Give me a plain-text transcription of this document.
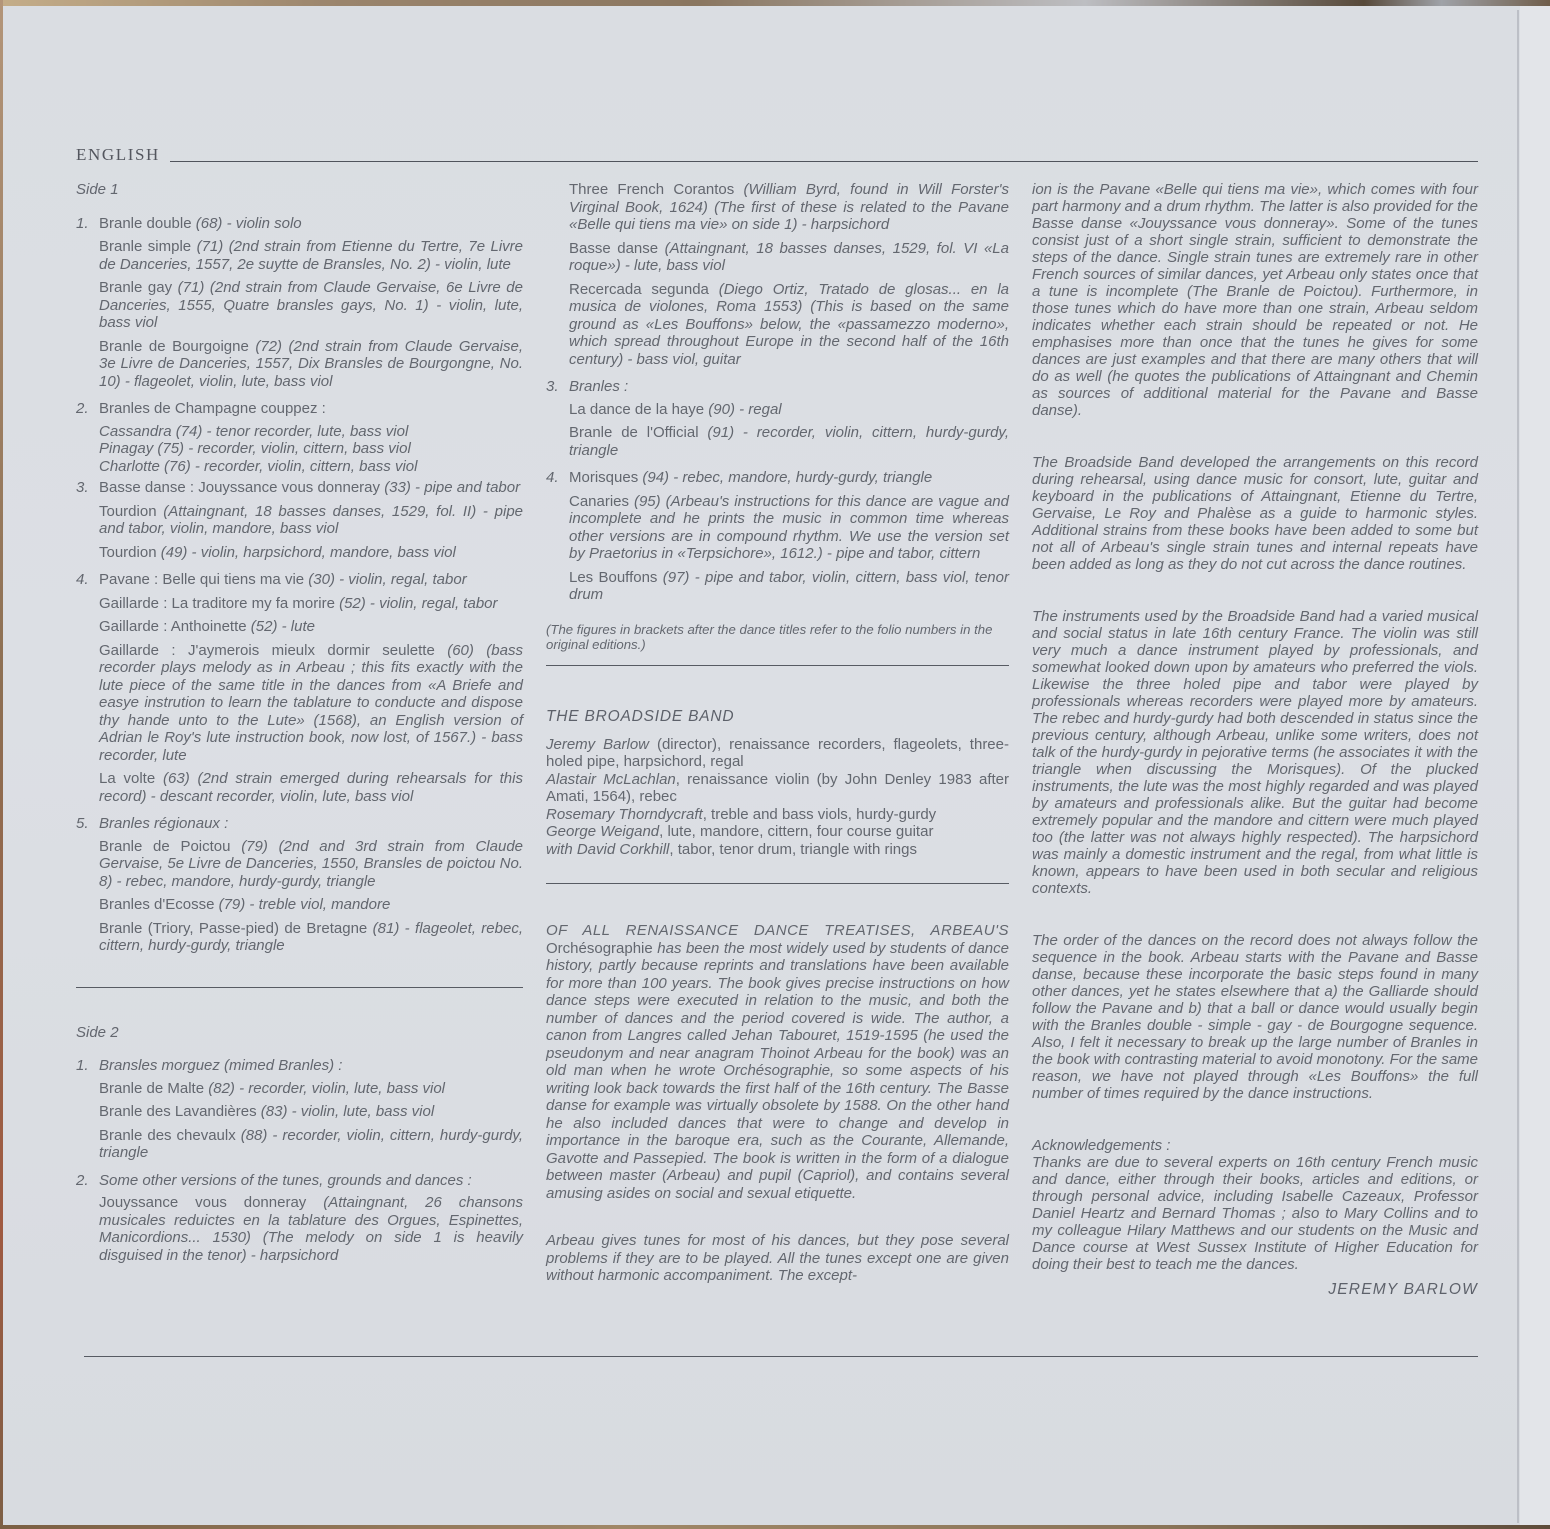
ENGLISH

Side 1

1. Branle double (68) - violin solo

Branle simple (71) (2nd strain from Etienne du Tertre, 7e Livre de Danceries, 1557, 2e suytte de Bransles, No. 2) - violin, lute

Branle gay (71) (2nd strain from Claude Gervaise, 6e Livre de Danceries, 1555, Quatre bransles gays, No. 1) - violin, lute, bass viol

Branle de Bourgoigne (72) (2nd strain from Claude Gervaise, 3e Livre de Danceries, 1557, Dix Bransles de Bourgongne, No. 10) - flageolet, violin, lute, bass viol

2. Branles de Champagne couppez :

Cassandra (74) - tenor recorder, lute, bass viol

Pinagay (75) - recorder, violin, cittern, bass viol

Charlotte (76) - recorder, violin, cittern, bass viol

3. Basse danse : Jouyssance vous donneray (33) - pipe and tabor

Tourdion (Attaingnant, 18 basses danses, 1529, fol. II) - pipe and tabor, violin, mandore, bass viol

Tourdion (49) - violin, harpsichord, mandore, bass viol

4. Pavane : Belle qui tiens ma vie (30) - violin, regal, tabor

Gaillarde : La traditore my fa morire (52) - violin, regal, tabor

Gaillarde : Anthoinette (52) - lute

Gaillarde : J'aymerois mieulx dormir seulette (60) (bass recorder plays melody as in Arbeau ; this fits exactly with the lute piece of the same title in the dances from «A Briefe and easye instrution to learn the tablature to conducte and dispose thy hande unto to the Lute» (1568), an English version of Adrian le Roy's lute instruction book, now lost, of 1567.) - bass recorder, lute

La volte (63) (2nd strain emerged during rehearsals for this record) - descant recorder, violin, lute, bass viol

5. Branles régionaux :

Branle de Poictou (79) (2nd and 3rd strain from Claude Gervaise, 5e Livre de Danceries, 1550, Bransles de poictou No. 8) - rebec, mandore, hurdy-gurdy, triangle

Branles d'Ecosse (79) - treble viol, mandore

Branle (Triory, Passe-pied) de Bretagne (81) - flageolet, rebec, cittern, hurdy-gurdy, triangle

Side 2

1. Bransles morguez (mimed Branles) :

Branle de Malte (82) - recorder, violin, lute, bass viol

Branle des Lavandières (83) - violin, lute, bass viol

Branle des chevaulx (88) - recorder, violin, cittern, hurdy-gurdy, triangle

2. Some other versions of the tunes, grounds and dances :

Jouyssance vous donneray (Attaingnant, 26 chansons musicales reduictes en la tablature des Orgues, Espinettes, Manicordions... 1530) (The melody on side 1 is heavily disguised in the tenor) - harpsichord

Three French Corantos (William Byrd, found in Will Forster's Virginal Book, 1624) (The first of these is related to the Pavane «Belle qui tiens ma vie» on side 1) - harpsichord

Basse danse (Attaingnant, 18 basses danses, 1529, fol. VI «La roque») - lute, bass viol

Recercada segunda (Diego Ortiz, Tratado de glosas... en la musica de violones, Roma 1553) (This is based on the same ground as «Les Bouffons» below, the «passamezzo moderno», which spread throughout Europe in the second half of the 16th century) - bass viol, guitar

3. Branles :

La dance de la haye (90) - regal

Branle de l'Official (91) - recorder, violin, cittern, hurdy-gurdy, triangle

4. Morisques (94) - rebec, mandore, hurdy-gurdy, triangle

Canaries (95) (Arbeau's instructions for this dance are vague and incomplete and he prints the music in common time whereas other versions are in compound rhythm. We use the version set by Praetorius in «Terpsichore», 1612.) - pipe and tabor, cittern

Les Bouffons (97) - pipe and tabor, violin, cittern, bass viol, tenor drum

(The figures in brackets after the dance titles refer to the folio numbers in the original editions.)

THE BROADSIDE BAND

Jeremy Barlow (director), renaissance recorders, flageolets, three-holed pipe, harpsichord, regal

Alastair McLachlan, renaissance violin (by John Denley 1983 after Amati, 1564), rebec

Rosemary Thorndycraft, treble and bass viols, hurdy-gurdy

George Weigand, lute, mandore, cittern, four course guitar

with David Corkhill, tabor, tenor drum, triangle with rings

OF ALL RENAISSANCE DANCE TREATISES, ARBEAU'S Orchésographie has been the most widely used by students of dance history, partly because reprints and translations have been available for more than 100 years. The book gives precise instructions on how dance steps were executed in relation to the music, and both the number of dances and the period covered is wide. The author, a canon from Langres called Jehan Tabouret, 1519-1595 (he used the pseudonym and near anagram Thoinot Arbeau for the book) was an old man when he wrote Orchésographie, so some aspects of his writing look back towards the first half of the 16th century. The Basse danse for example was virtually obsolete by 1588. On the other hand he also included dances that were to change and develop in importance in the baroque era, such as the Courante, Allemande, Gavotte and Passepied. The book is written in the form of a dialogue between master (Arbeau) and pupil (Capriol), and contains several amusing asides on social and sexual etiquette.

Arbeau gives tunes for most of his dances, but they pose several problems if they are to be played. All the tunes except one are given without harmonic accompaniment. The except-

ion is the Pavane «Belle qui tiens ma vie», which comes with four part harmony and a drum rhythm. The latter is also provided for the Basse danse «Jouyssance vous donneray». Some of the tunes consist just of a short single strain, sufficient to demonstrate the steps of the dance. Single strain tunes are extremely rare in other French sources of similar dances, yet Arbeau only states once that a tune is incomplete (The Branle de Poictou). Furthermore, in those tunes which do have more than one strain, Arbeau seldom indicates whether each strain should be repeated or not. He emphasises more than once that the tunes he gives for some dances are just examples and that there are many others that will do as well (he quotes the publications of Attaingnant and Chemin as sources of additional material for the Pavane and Basse danse).

The Broadside Band developed the arrangements on this record during rehearsal, using dance music for consort, lute, guitar and keyboard in the publications of Attaingnant, Etienne du Tertre, Gervaise, Le Roy and Phalèse as a guide to harmonic styles. Additional strains from these books have been added to some but not all of Arbeau's single strain tunes and internal repeats have been added as long as they do not cut across the dance routines.

The instruments used by the Broadside Band had a varied musical and social status in late 16th century France. The violin was still very much a dance instrument played by professionals, and somewhat looked down upon by amateurs who preferred the viols. Likewise the three holed pipe and tabor were played by professionals whereas recorders were played more by amateurs. The rebec and hurdy-gurdy had both descended in status since the previous century, although Arbeau, unlike some writers, does not talk of the hurdy-gurdy in pejorative terms (he associates it with the triangle when discussing the Morisques). Of the plucked instruments, the lute was the most highly regarded and was played by amateurs and professionals alike. But the guitar had become extremely popular and the mandore and cittern were much played too (the latter was not always highly respected). The harpsichord was mainly a domestic instrument and the regal, from what little is known, appears to have been used in both secular and religious contexts.

The order of the dances on the record does not always follow the sequence in the book. Arbeau starts with the Pavane and Basse danse, because these incorporate the basic steps found in many other dances, yet he states elsewhere that a) the Galliarde should follow the Pavane and b) that a ball or dance would usually begin with the Branles double - simple - gay - de Bourgogne sequence. Also, I felt it necessary to break up the large number of Branles in the book with contrasting material to avoid monotony. For the same reason, we have not played through «Les Bouffons» the full number of times required by the dance instructions.

Acknowledgements :

Thanks are due to several experts on 16th century French music and dance, either through their books, articles and editions, or through personal advice, including Isabelle Cazeaux, Professor Daniel Heartz and Bernard Thomas ; also to Mary Collins and to my colleague Hilary Matthews and our students on the Music and Dance course at West Sussex Institute of Higher Education for doing their best to teach me the dances.

JEREMY BARLOW
